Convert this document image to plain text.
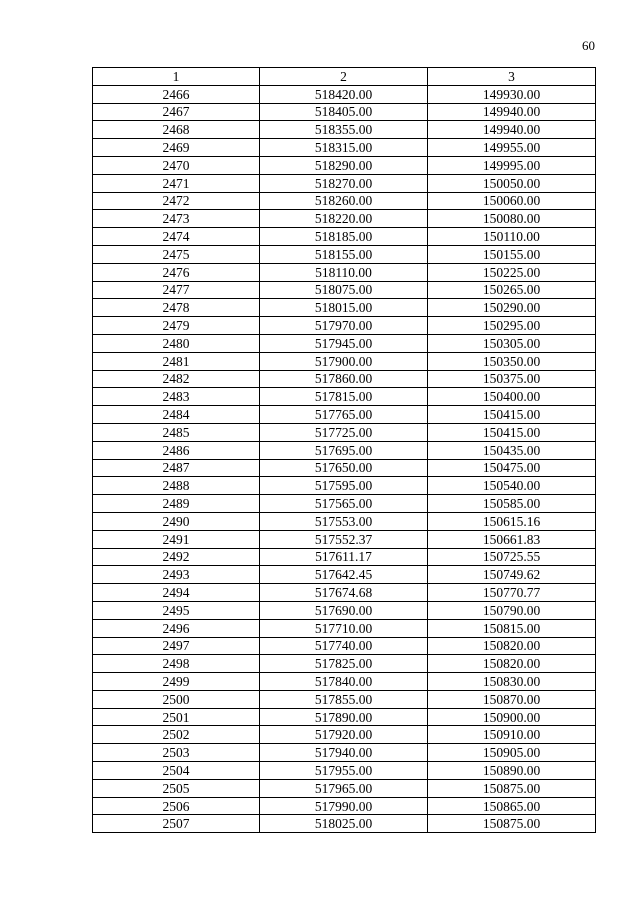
60
1	2	3
2466	518420.00	149930.00
2467	518405.00	149940.00
2468	518355.00	149940.00
2469	518315.00	149955.00
2470	518290.00	149995.00
2471	518270.00	150050.00
2472	518260.00	150060.00
2473	518220.00	150080.00
2474	518185.00	150110.00
2475	518155.00	150155.00
2476	518110.00	150225.00
2477	518075.00	150265.00
2478	518015.00	150290.00
2479	517970.00	150295.00
2480	517945.00	150305.00
2481	517900.00	150350.00
2482	517860.00	150375.00
2483	517815.00	150400.00
2484	517765.00	150415.00
2485	517725.00	150415.00
2486	517695.00	150435.00
2487	517650.00	150475.00
2488	517595.00	150540.00
2489	517565.00	150585.00
2490	517553.00	150615.16
2491	517552.37	150661.83
2492	517611.17	150725.55
2493	517642.45	150749.62
2494	517674.68	150770.77
2495	517690.00	150790.00
2496	517710.00	150815.00
2497	517740.00	150820.00
2498	517825.00	150820.00
2499	517840.00	150830.00
2500	517855.00	150870.00
2501	517890.00	150900.00
2502	517920.00	150910.00
2503	517940.00	150905.00
2504	517955.00	150890.00
2505	517965.00	150875.00
2506	517990.00	150865.00
2507	518025.00	150875.00
